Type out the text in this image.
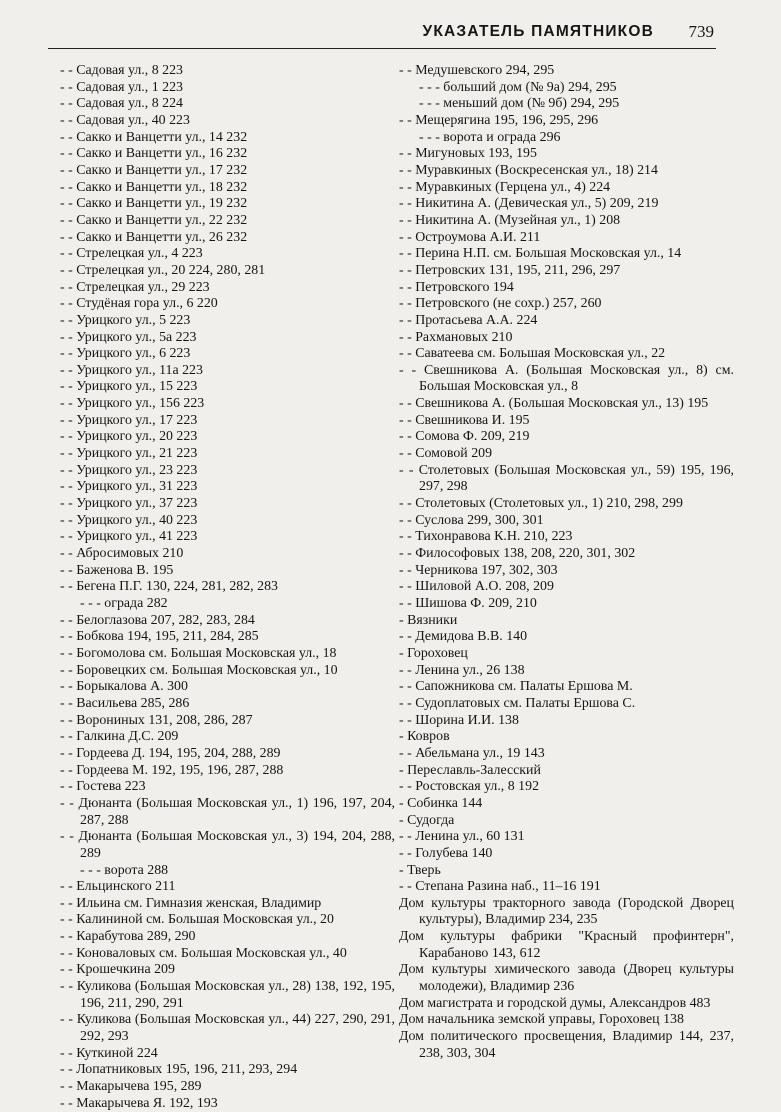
УКАЗАТЕЛЬ ПАМЯТНИКОВ 739
- - Садовая ул., 8 223
- - Садовая ул., 1 223
- - Садовая ул., 8 224
- - Садовая ул., 40 223
- - Сакко и Ванцетти ул., 14 232
- - Сакко и Ванцетти ул., 16 232
- - Сакко и Ванцетти ул., 17 232
- - Сакко и Ванцетти ул., 18 232
- - Сакко и Ванцетти ул., 19 232
- - Сакко и Ванцетти ул., 22 232
- - Сакко и Ванцетти ул., 26 232
- - Стрелецкая ул., 4 223
- - Стрелецкая ул., 20 224, 280, 281
- - Стрелецкая ул., 29 223
- - Студёная гора ул., 6 220
- - Урицкого ул., 5 223
- - Урицкого ул., 5а 223
- - Урицкого ул., 6 223
- - Урицкого ул., 11а 223
- - Урицкого ул., 15 223
- - Урицкого ул., 156 223
- - Урицкого ул., 17 223
- - Урицкого ул., 20 223
- - Урицкого ул., 21 223
- - Урицкого ул., 23 223
- - Урицкого ул., 31 223
- - Урицкого ул., 37 223
- - Урицкого ул., 40 223
- - Урицкого ул., 41 223
- - Абросимовых 210
- - Баженова В. 195
- - Бегена П.Г. 130, 224, 281, 282, 283
- - - ограда 282
- - Белоглазова 207, 282, 283, 284
- - Бобкова 194, 195, 211, 284, 285
- - Богомолова см. Большая Московская ул., 18
- - Боровецких см. Большая Московская ул., 10
- - Борыкалова А. 300
- - Васильева 285, 286
- - Ворониных 131, 208, 286, 287
- - Галкина Д.С. 209
- - Гордеева Д. 194, 195, 204, 288, 289
- - Гордеева М. 192, 195, 196, 287, 288
- - Гостева 223
- - Дюнанта (Большая Московская ул., 1) 196, 197, 204, 287, 288
- - Дюнанта (Большая Московская ул., 3) 194, 204, 288, 289
- - - ворота 288
- - Ельцинского 211
- - Ильина см. Гимназия женская, Владимир
- - Калининой см. Большая Московская ул., 20
- - Карабутова 289, 290
- - Коноваловых см. Большая Московская ул., 40
- - Крошечкина 209
- - Куликова (Большая Московская ул., 28) 138, 192, 195, 196, 211, 290, 291
- - Куликова (Большая Московская ул., 44) 227, 290, 291, 292, 293
- - Куткиной 224
- - Лопатниковых 195, 196, 211, 293, 294
- - Макарычева 195, 289
- - Макарычева Я. 192, 193
- - Медушевского 294, 295
- - - больший дом (№ 9а) 294, 295
- - - меньший дом (№ 9б) 294, 295
- - Мещерягина 195, 196, 295, 296
- - - ворота и ограда 296
- - Мигуновых 193, 195
- - Муравкиных (Воскресенская ул., 18) 214
- - Муравкиных (Герцена ул., 4) 224
- - Никитина А. (Девическая ул., 5) 209, 219
- - Никитина А. (Музейная ул., 1) 208
- - Остроумова А.И. 211
- - Перина Н.П. см. Большая Московская ул., 14
- - Петровских 131, 195, 211, 296, 297
- - Петровского 194
- - Петровского (не сохр.) 257, 260
- - Протасьева А.А. 224
- - Рахмановых 210
- - Саватеева см. Большая Московская ул., 22
- - Свешникова А. (Большая Московская ул., 8) см. Большая Московская ул., 8
- - Свешникова А. (Большая Московская ул., 13) 195
- - Свешникова И. 195
- - Сомова Ф. 209, 219
- - Сомовой 209
- - Столетовых (Большая Московская ул., 59) 195, 196, 297, 298
- - Столетовых (Столетовых ул., 1) 210, 298, 299
- - Суслова 299, 300, 301
- - Тихонравова К.Н. 210, 223
- - Философовых 138, 208, 220, 301, 302
- - Черникова 197, 302, 303
- - Шиловой А.О. 208, 209
- - Шишова Ф. 209, 210
- Вязники
- - Демидова В.В. 140
- Гороховец
- - Ленина ул., 26 138
- - Сапожникова см. Палаты Ершова М.
- - Судоплатовых см. Палаты Ершова С.
- - Шорина И.И. 138
- Ковров
- - Абельмана ул., 19 143
- Переславль-Залесский
- - Ростовская ул., 8 192
- Собинка 144
- Судогда
- - Ленина ул., 60 131
- - Голубева 140
- Тверь
- - Степана Разина наб., 11–16 191
Дом культуры тракторного завода (Городской Дворец культуры), Владимир 234, 235
Дом культуры фабрики "Красный профинтерн", Карабаново 143, 612
Дом культуры химического завода (Дворец культуры молодежи), Владимир 236
Дом магистрата и городской думы, Александров 483
Дом начальника земской управы, Гороховец 138
Дом политического просвещения, Владимир 144, 237, 238, 303, 304
